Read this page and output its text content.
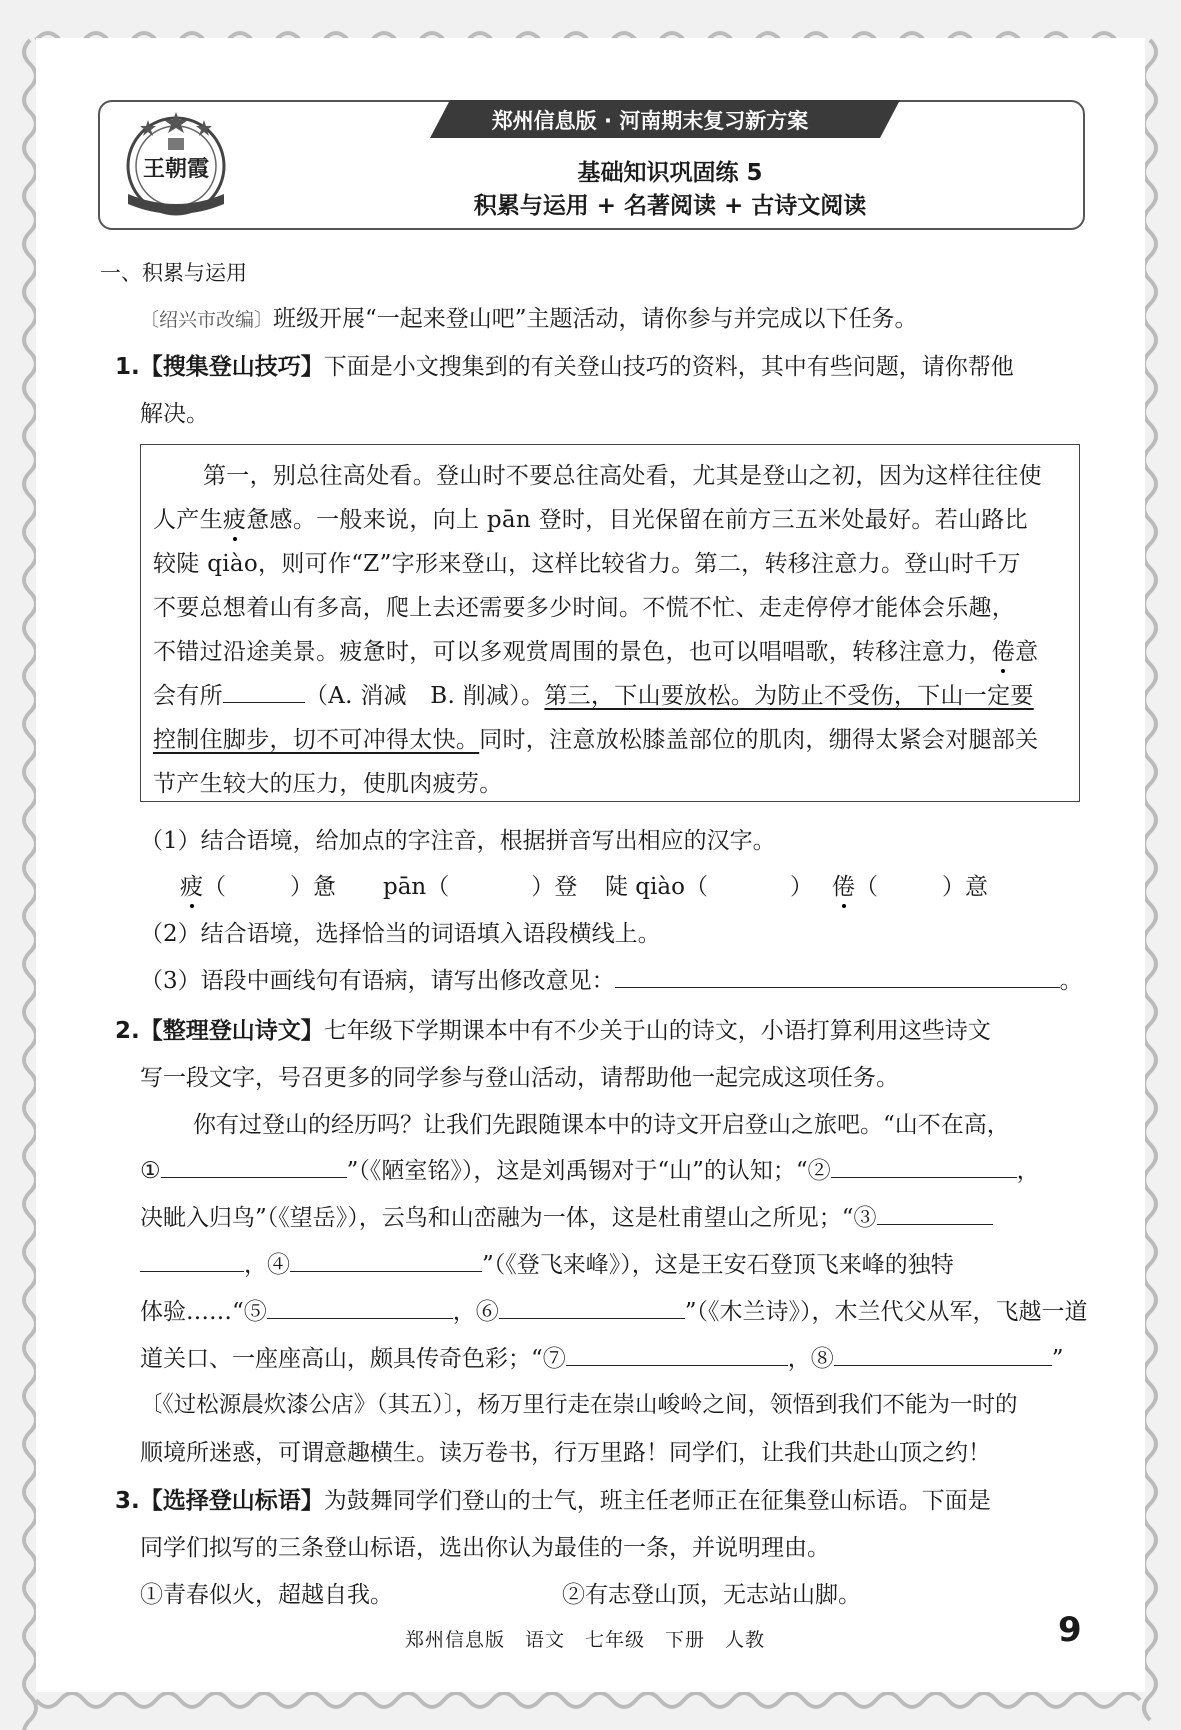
王朝霞
郑州信息版 · 河南期末复习新方案
基础知识巩固练 5
积累与运用 + 名著阅读 + 古诗文阅读
一、积累与运用
〔绍兴市改编〕班级开展“一起来登山吧”主题活动，请你参与并完成以下任务。
1.【搜集登山技巧】下面是小文搜集到的有关登山技巧的资料，其中有些问题，请你帮他
解决。
第一，别总往高处看。登山时不要总往高处看，尤其是登山之初，因为这样往往使
人产生疲惫感。一般来说，向上 pān 登时，目光保留在前方三五米处最好。若山路比
较陡 qiào，则可作“Z”字形来登山，这样比较省力。第二，转移注意力。登山时千万
不要总想着山有多高，爬上去还需要多少时间。不慌不忙、走走停停才能体会乐趣，
不错过沿途美景。疲惫时，可以多观赏周围的景色，也可以唱唱歌，转移注意力，倦意
会有所	（A. 消减　B. 削减）。第三，下山要放松。为防止不受伤，下山一定要
控制住脚步，切不可冲得太快。同时，注意放松膝盖部位的肌肉，绷得太紧会对腿部关
节产生较大的压力，使肌肉疲劳。
（1）结合语境，给加点的字注音，根据拼音写出相应的汉字。
疲（	）惫 pān（	）登 陡 qiào（	） 倦（	）意
（2）结合语境，选择恰当的词语填入语段横线上。
（3）语段中画线句有语病，请写出修改意见：	。
2.【整理登山诗文】七年级下学期课本中有不少关于山的诗文，小语打算利用这些诗文
写一段文字，号召更多的同学参与登山活动，请帮助他一起完成这项任务。
你有过登山的经历吗？让我们先跟随课本中的诗文开启登山之旅吧。“山不在高，
①	”（《陋室铭》），这是刘禹锡对于“山”的认知；“②	，
决眦入归鸟”（《望岳》），云鸟和山峦融为一体，这是杜甫望山之所见；“③
，④	”（《登飞来峰》），这是王安石登顶飞来峰的独特
体验……“⑤	，⑥	”（《木兰诗》），木兰代父从军，飞越一道
道关口、一座座高山，颇具传奇色彩；“⑦	，⑧	”
〔《过松源晨炊漆公店》（其五）〕，杨万里行走在崇山峻岭之间，领悟到我们不能为一时的
顺境所迷惑，可谓意趣横生。读万卷书，行万里路！同学们，让我们共赴山顶之约！
3.【选择登山标语】为鼓舞同学们登山的士气，班主任老师正在征集登山标语。下面是
同学们拟写的三条登山标语，选出你认为最佳的一条，并说明理由。
①青春似火，超越自我。	②有志登山顶，无志站山脚。
郑州信息版　语文　七年级　下册　人教	9
